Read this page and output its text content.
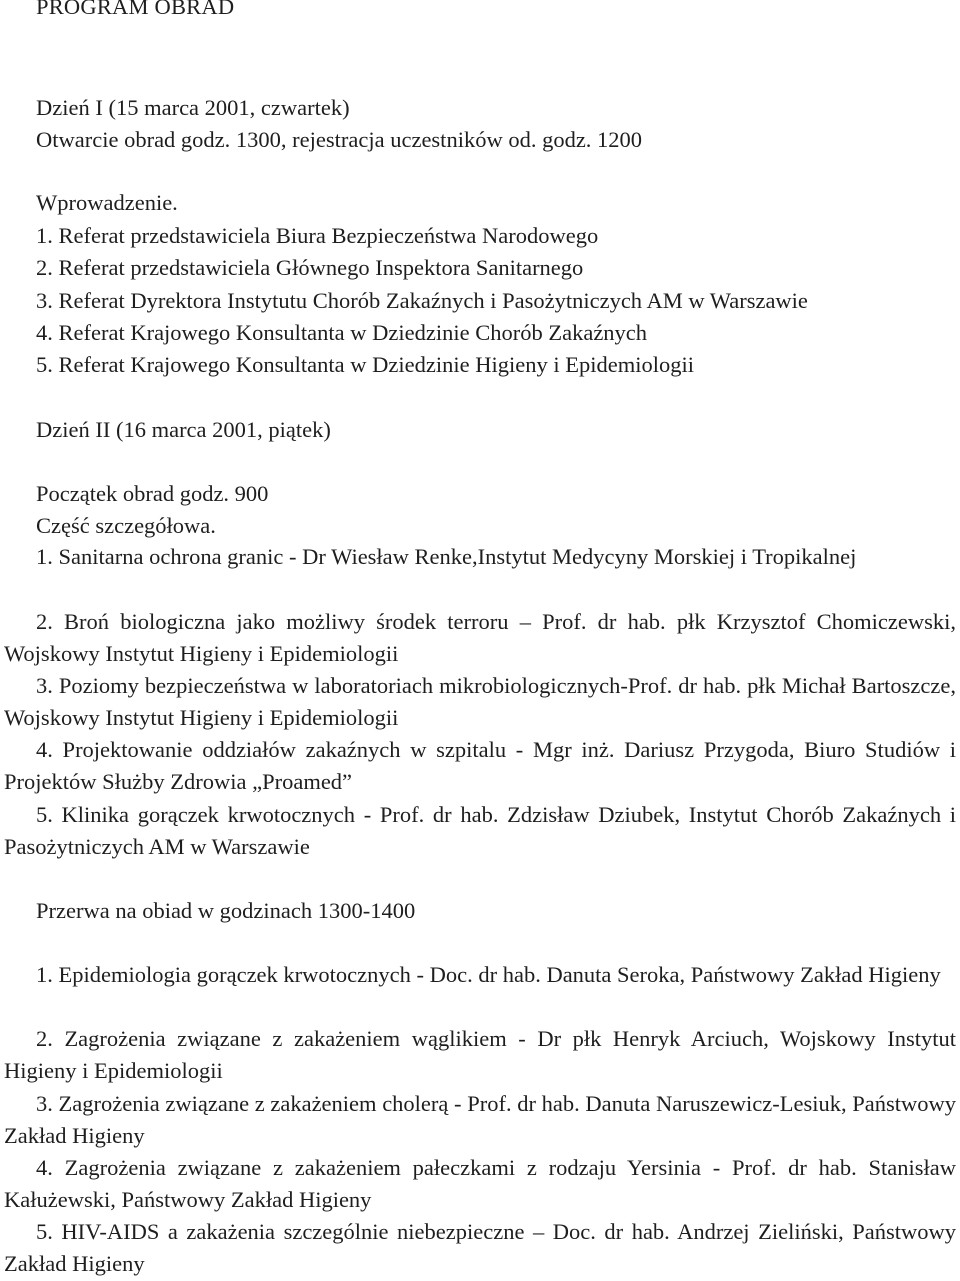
PROGRAM OBRAD
Dzień I (15 marca 2001, czwartek)
Otwarcie obrad godz. 1300, rejestracja uczestników od. godz. 1200
Wprowadzenie.
1. Referat przedstawiciela Biura Bezpieczeństwa Narodowego
2. Referat przedstawiciela Głównego Inspektora Sanitarnego
3. Referat Dyrektora Instytutu Chorób Zakaźnych i Pasożytniczych AM w Warszawie
4. Referat Krajowego Konsultanta w Dziedzinie Chorób Zakaźnych
5. Referat Krajowego Konsultanta w Dziedzinie Higieny i Epidemiologii
Dzień II (16 marca 2001, piątek)
Początek obrad godz. 900
Część szczegółowa.

1. Sanitarna ochrona granic - Dr Wiesław Renke,Instytut Medycyny Morskiej i Tropikalnej

2. Broń biologiczna jako możliwy środek terroru – Prof. dr hab. płk Krzysztof Chomiczewski, Wojskowy Instytut Higieny i Epidemiologii

3. Poziomy bezpieczeństwa w laboratoriach mikrobiologicznych-Prof. dr hab. płk Michał Bartoszcze, Wojskowy Instytut Higieny i Epidemiologii

4. Projektowanie oddziałów zakaźnych w szpitalu - Mgr inż. Dariusz Przygoda, Biuro Studiów i Projektów Służby Zdrowia „Proamed”

5. Klinika gorączek krwotocznych - Prof. dr hab. Zdzisław Dziubek, Instytut Chorób Zakaźnych i Pasożytniczych AM w Warszawie

Przerwa na obiad w godzinach 1300-1400

1. Epidemiologia gorączek krwotocznych - Doc. dr hab. Danuta Seroka, Państwowy Zakład Higieny

2. Zagrożenia związane z zakażeniem wąglikiem - Dr płk Henryk Arciuch, Wojskowy Instytut Higieny i Epidemiologii

3. Zagrożenia związane z zakażeniem cholerą - Prof. dr hab. Danuta Naruszewicz-Lesiuk, Państwowy Zakład Higieny

4. Zagrożenia związane z zakażeniem pałeczkami z rodzaju Yersinia - Prof. dr hab. Stanisław Kałużewski, Państwowy Zakład Higieny

5. HIV-AIDS a zakażenia szczególnie niebezpieczne – Doc. dr hab. Andrzej Zieliński, Państwowy Zakład Higieny
